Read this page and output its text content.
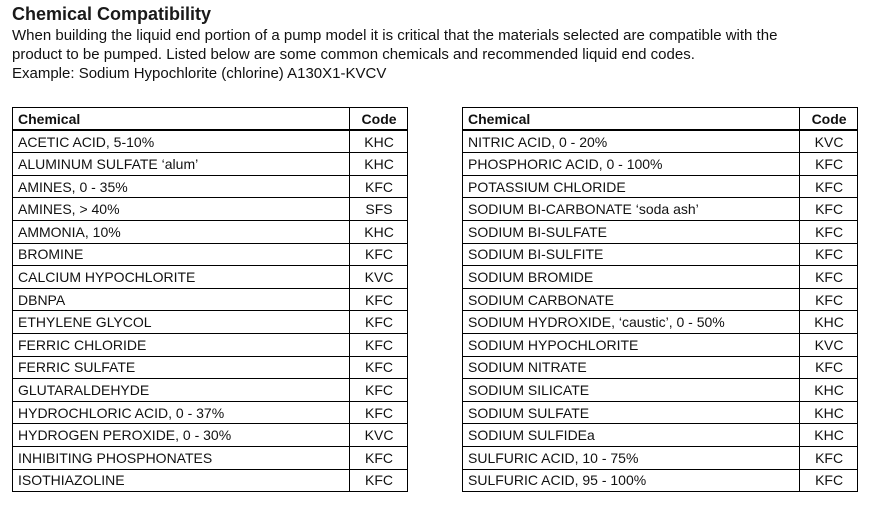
Chemical Compatibility

When building the liquid end portion of a pump model it is critical that the materials selected are compatible with the

product to be pumped. Listed below are some common chemicals and recommended liquid end codes.

Example: Sodium Hypochlorite (chlorine) A130X1-KVCV

Chemical	Code
ACETIC ACID, 5-10%	KHC
ALUMINUM SULFATE ‘alum’	KHC
AMINES, 0 - 35%	KFC
AMINES, > 40%	SFS
AMMONIA, 10%	KHC
BROMINE	KFC
CALCIUM HYPOCHLORITE	KVC
DBNPA	KFC
ETHYLENE GLYCOL	KFC
FERRIC CHLORIDE	KFC
FERRIC SULFATE	KFC
GLUTARALDEHYDE	KFC
HYDROCHLORIC ACID, 0 - 37%	KFC
HYDROGEN PEROXIDE, 0 - 30%	KVC
INHIBITING PHOSPHONATES	KFC
ISOTHIAZOLINE	KFC
Chemical	Code
NITRIC ACID, 0 - 20%	KVC
PHOSPHORIC ACID, 0 - 100%	KFC
POTASSIUM CHLORIDE	KFC
SODIUM BI-CARBONATE ‘soda ash’	KFC
SODIUM BI-SULFATE	KFC
SODIUM BI-SULFITE	KFC
SODIUM BROMIDE	KFC
SODIUM CARBONATE	KFC
SODIUM HYDROXIDE, ‘caustic’, 0 - 50%	KHC
SODIUM HYPOCHLORITE	KVC
SODIUM NITRATE	KFC
SODIUM SILICATE	KHC
SODIUM SULFATE	KHC
SODIUM SULFIDEa	KHC
SULFURIC ACID, 10 - 75%	KFC
SULFURIC ACID, 95 - 100%	KFC
